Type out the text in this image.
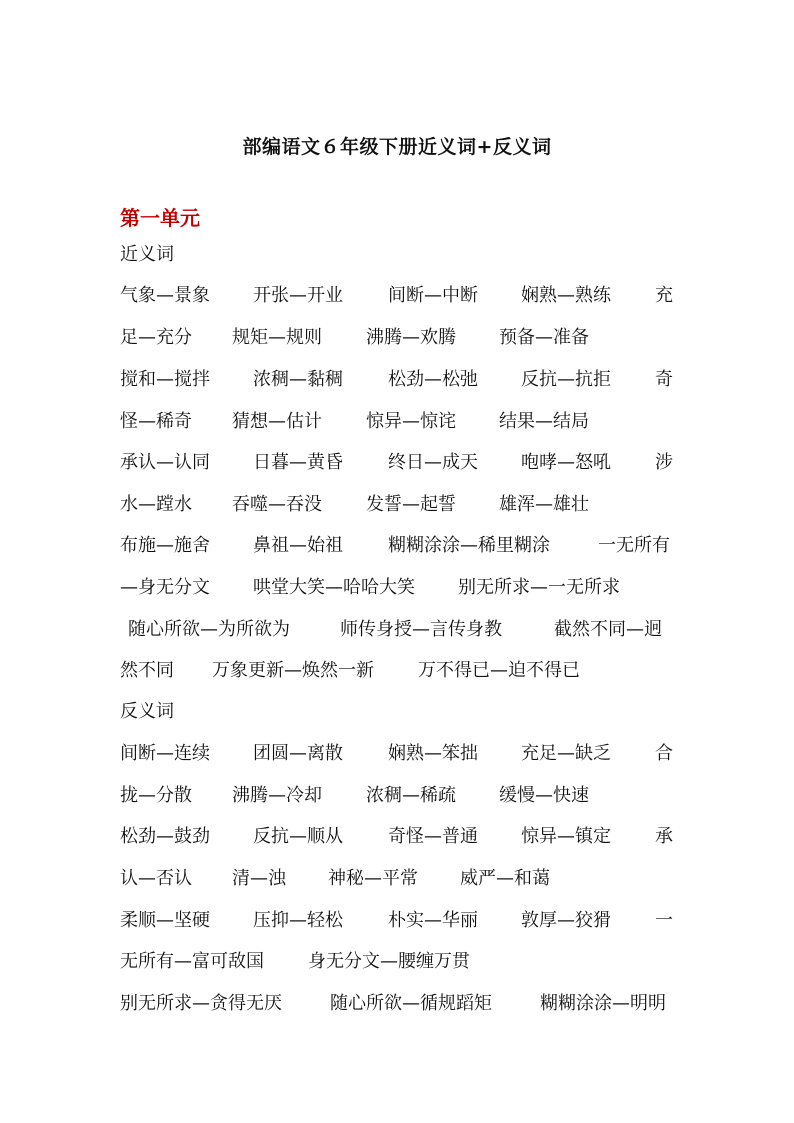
部编语文６年级下册近义词+反义词
第一单元
近义词
气象—景象 开张—开业	间断—中断 娴熟—熟练 充
足—充分 规矩—规则 沸腾—欢腾 预备—准备
搅和—搅拌 浓稠—黏稠	松劲—松弛 反抗—抗拒 奇
怪—稀奇 猜想—估计 惊异—惊诧 结果—结局
承认—认同 日暮—黄昏	终日—成天 咆哮—怒吼 涉
水—蹚水 吞噬—吞没 发誓—起誓 雄浑—雄壮
布施—施舍 鼻祖—始祖	糊糊涂涂—稀里糊涂	一无所有
—身无分文 哄堂大笑—哈哈大笑 别无所求—一无所求
随心所欲—为所欲为	师传身授—言传身教	截然不同—迥
然不同 万象更新—焕然一新 万不得已—迫不得已
反义词
间断—连续 团圆—离散	娴熟—笨拙 充足—缺乏 合
拢—分散 沸腾—冷却 浓稠—稀疏 缓慢—快速
松劲—鼓劲 反抗—顺从	奇怪—普通 惊异—镇定 承
认—否认 清—浊 神秘—平常 威严—和蔼
柔顺—坚硬 压抑—轻松	朴实—华丽 敦厚—狡猾 一
无所有—富可敌国 身无分文—腰缠万贯
别无所求—贪得无厌	随心所欲—循规蹈矩	糊糊涂涂—明明
